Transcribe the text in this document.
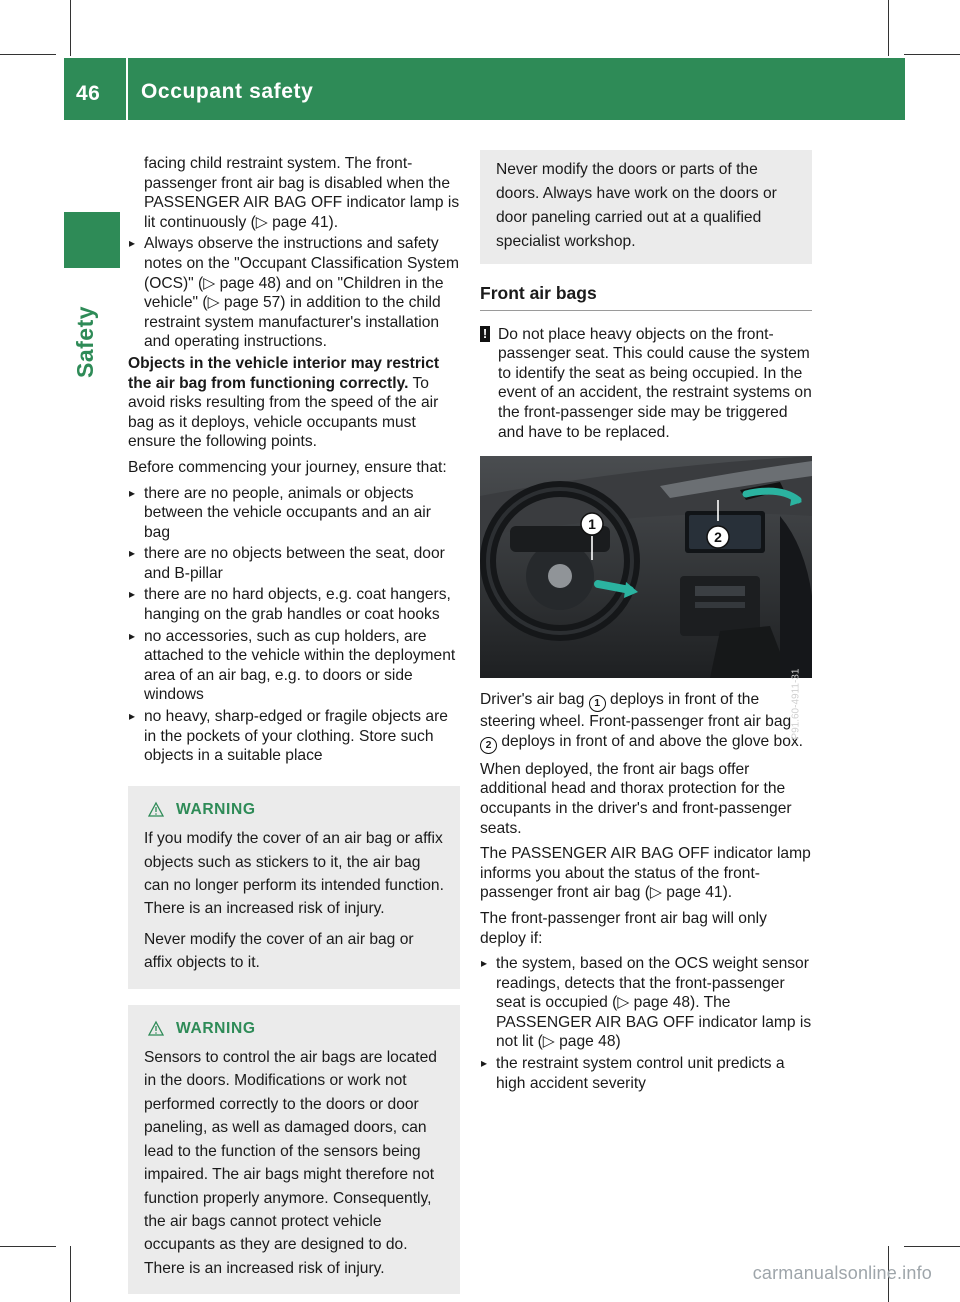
46 Occupant safety
Safety

facing child restraint system. The front-passenger front air bag is disabled when the PASSENGER AIR BAG OFF indicator lamp is lit continuously (▷ page 41).

▸ Always observe the instructions and safety notes on the "Occupant Classification System (OCS)" (▷ page 48) and on "Children in the vehicle" (▷ page 57) in addition to the child restraint system manufacturer's installation and operating instructions.

Objects in the vehicle interior may restrict the air bag from functioning correctly. To avoid risks resulting from the speed of the air bag as it deploys, vehicle occupants must ensure the following points.

Before commencing your journey, ensure that:

▸ there are no people, animals or objects between the vehicle occupants and an air bag

▸ there are no objects between the seat, door and B-pillar

▸ there are no hard objects, e.g. coat hangers, hanging on the grab handles or coat hooks

▸ no accessories, such as cup holders, are attached to the vehicle within the deployment area of an air bag, e.g. to doors or side windows

▸ no heavy, sharp-edged or fragile objects are in the pockets of your clothing. Store such objects in a suitable place

WARNING

If you modify the cover of an air bag or affix objects such as stickers to it, the air bag can no longer perform its intended function. There is an increased risk of injury.

Never modify the cover of an air bag or affix objects to it.

WARNING

Sensors to control the air bags are located in the doors. Modifications or work not performed correctly to the doors or door paneling, as well as damaged doors, can lead to the function of the sensors being impaired. The air bags might therefore not function properly anymore. Consequently, the air bags cannot protect vehicle occupants as they are designed to do. There is an increased risk of injury.

Never modify the doors or parts of the doors. Always have work on the doors or door paneling carried out at a qualified specialist workshop.

Front air bags
! Do not place heavy objects on the front-passenger seat. This could cause the system to identify the seat as being occupied. In the event of an accident, the restraint systems on the front-passenger side may be triggered and have to be replaced.
1
2
P91.60-4911-31

Driver's air bag 1 deploys in front of the steering wheel. Front-passenger front air bag 2 deploys in front of and above the glove box.

When deployed, the front air bags offer additional head and thorax protection for the occupants in the driver's and front-passenger seats.

The PASSENGER AIR BAG OFF indicator lamp informs you about the status of the front-passenger front air bag (▷ page 41).

The front-passenger front air bag will only deploy if:

▸ the system, based on the OCS weight sensor readings, detects that the front-passenger seat is occupied (▷ page 48). The PASSENGER AIR BAG OFF indicator lamp is not lit (▷ page 48)

▸ the restraint system control unit predicts a high accident severity

carmanualsonline.info
